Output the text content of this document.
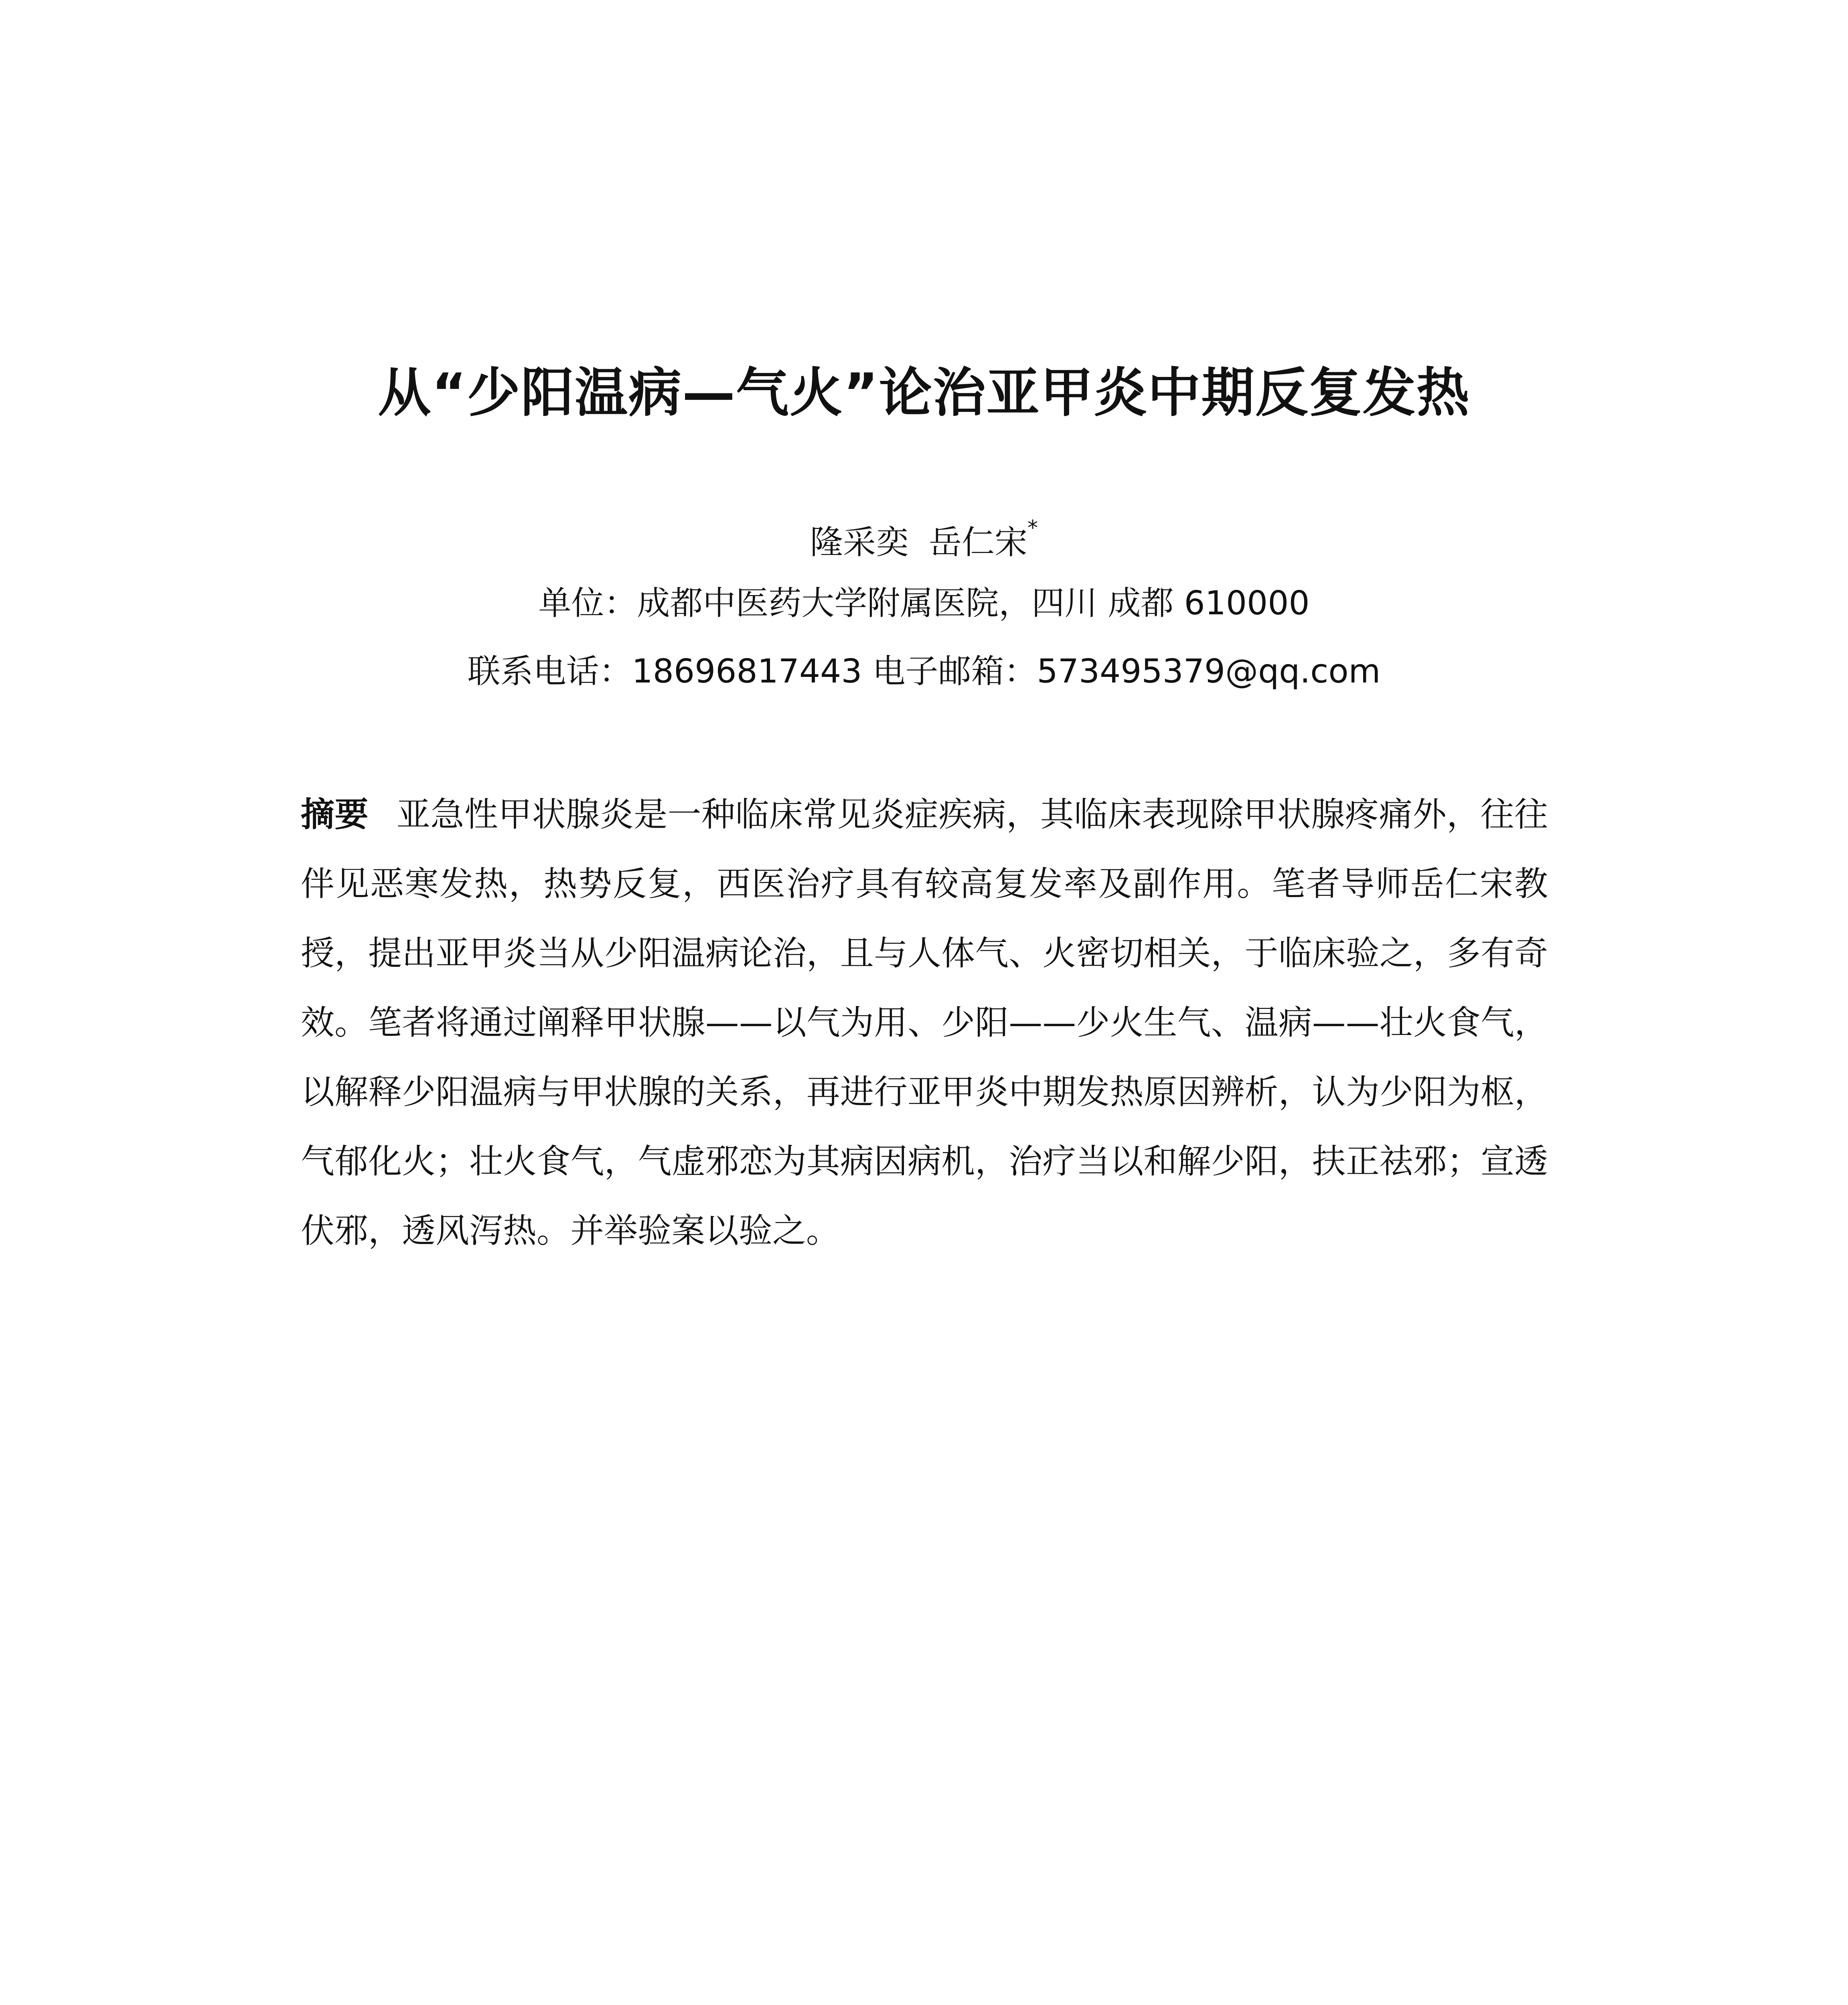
从“少阳温病—气火”论治亚甲炎中期反复发热
隆采奕 岳仁宋*
单位：成都中医药大学附属医院，四川 成都 610000
联系电话：18696817443 电子邮箱：573495379@qq.com
摘要 亚急性甲状腺炎是一种临床常见炎症疾病，其临床表现除甲状腺疼痛外，往往伴见恶寒发热，热势反复，西医治疗具有较高复发率及副作用。笔者导师岳仁宋教授，提出亚甲炎当从少阳温病论治，且与人体气、火密切相关，于临床验之，多有奇效。笔者将通过阐释甲状腺——以气为用、少阳——少火生气、温病——壮火食气，以解释少阳温病与甲状腺的关系，再进行亚甲炎中期发热原因辨析，认为少阳为枢，气郁化火；壮火食气，气虚邪恋为其病因病机，治疗当以和解少阳，扶正祛邪；宣透伏邪，透风泻热。并举验案以验之。
